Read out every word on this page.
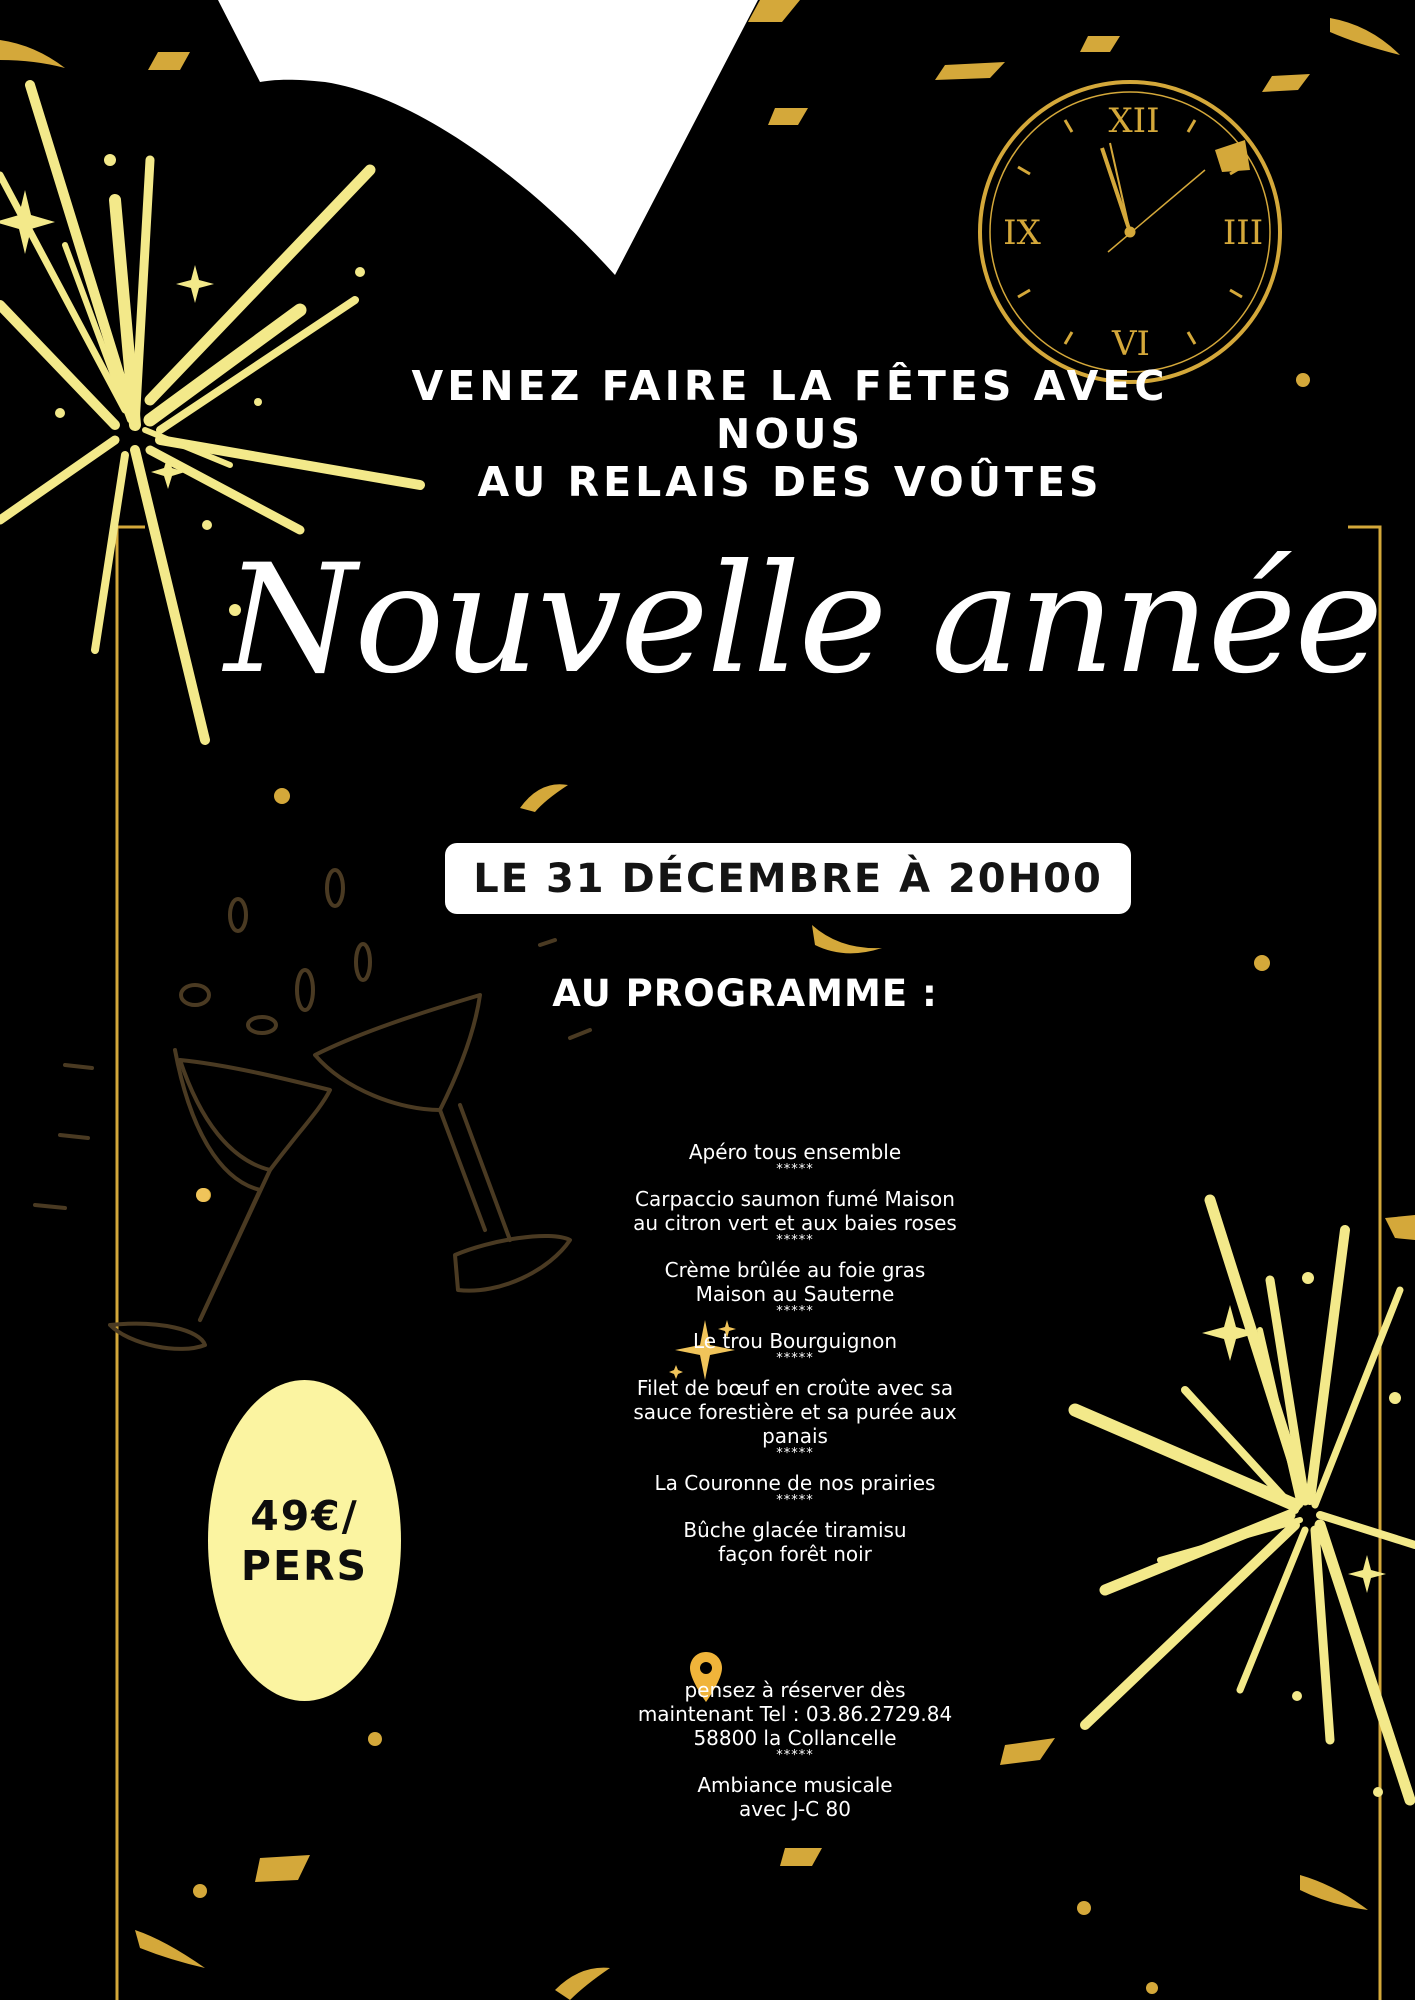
XII
III
VI
IX
VENEZ FAIRE LA FÊTES AVEC
NOUS
AU RELAIS DES VOÛTES
Nouvelle année
LE 31 DÉCEMBRE À 20H00
AU PROGRAMME :
Apéro tous ensemble
*****
Carpaccio saumon fumé Maison
au citron vert et aux baies roses
*****
Crème brûlée au foie gras
Maison au Sauterne
*****
Le trou Bourguignon
*****
Filet de bœuf en croûte avec sa
sauce forestière et sa purée aux
panais
*****
La Couronne de nos prairies
*****
Bûche glacée tiramisu
façon forêt noir
pensez à réserver dès
maintenant Tel : 03.86.2729.84
58800 la Collancelle
*****
Ambiance musicale
avec J-C 80
49€/
PERS
